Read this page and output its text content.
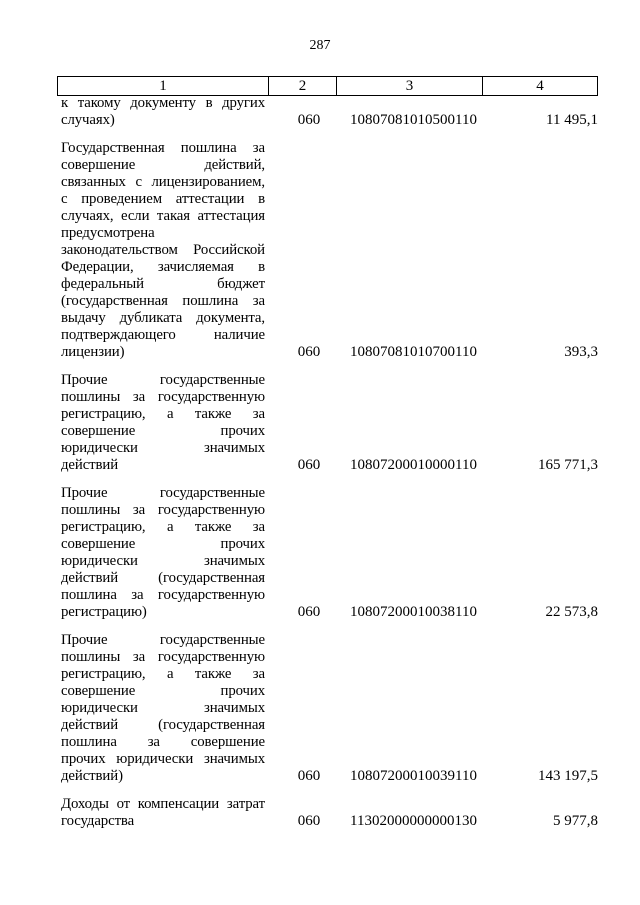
287
1	2	3	4
к такому документу в других
случаях)	060	10807081010500110	11 495,1
Государственная пошлина за
совершение действий,
связанных с лицензированием,
с проведением аттестации в
случаях, если такая аттестация
предусмотрена
законодательством Российской
Федерации, зачисляемая в
федеральный бюджет
(государственная пошлина за
выдачу дубликата документа,
подтверждающего наличие
лицензии)	060	10807081010700110	393,3
Прочие государственные
пошлины за государственную
регистрацию, а также за
совершение прочих
юридически значимых
действий	060	10807200010000110	165 771,3
Прочие государственные
пошлины за государственную
регистрацию, а также за
совершение прочих
юридически значимых
действий (государственная
пошлина за государственную
регистрацию)	060	10807200010038110	22 573,8
Прочие государственные
пошлины за государственную
регистрацию, а также за
совершение прочих
юридически значимых
действий (государственная
пошлина за совершение
прочих юридически значимых
действий)	060	10807200010039110	143 197,5
Доходы от компенсации затрат
государства	060	11302000000000130	5 977,8
